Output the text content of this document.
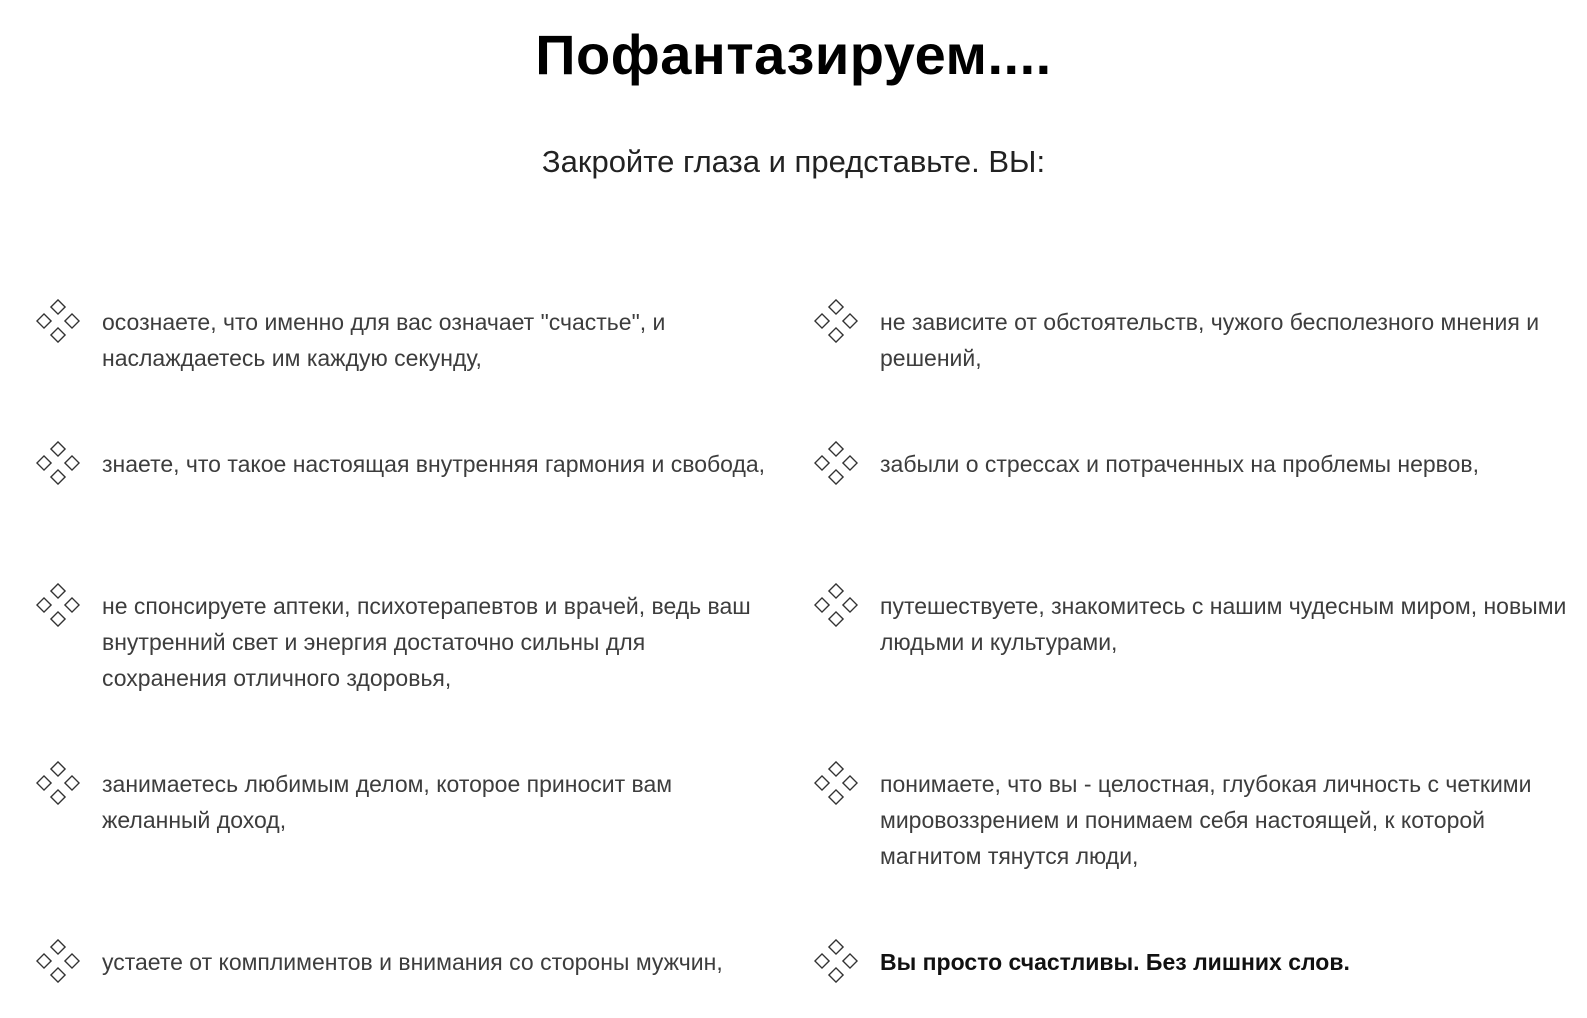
Пофантазируем....

Закройте глаза и представьте. ВЫ:

осознаете, что именно для вас означает "счастье", и наслаждаетесь им каждую секунду,
не зависите от обстоятельств, чужого бесполезного мнения и решений,
знаете, что такое настоящая внутренняя гармония и свобода,	забыли о стрессах и потраченных на проблемы нервов,
не спонсируете аптеки, психотерапевтов и врачей, ведь ваш внутренний свет и энергия достаточно сильны для сохранения отличного здоровья,
путешествуете, знакомитесь с нашим чудесным миром, новыми людьми и культурами,
занимаетесь любимым делом, которое приносит вам желанный доход,
понимаете, что вы - целостная, глубокая личность с четкими мировоззрением и понимаем себя настоящей, к которой магнитом тянутся люди,
устаете от комплиментов и внимания со стороны мужчин,	Вы просто счастливы. Без лишних слов.
